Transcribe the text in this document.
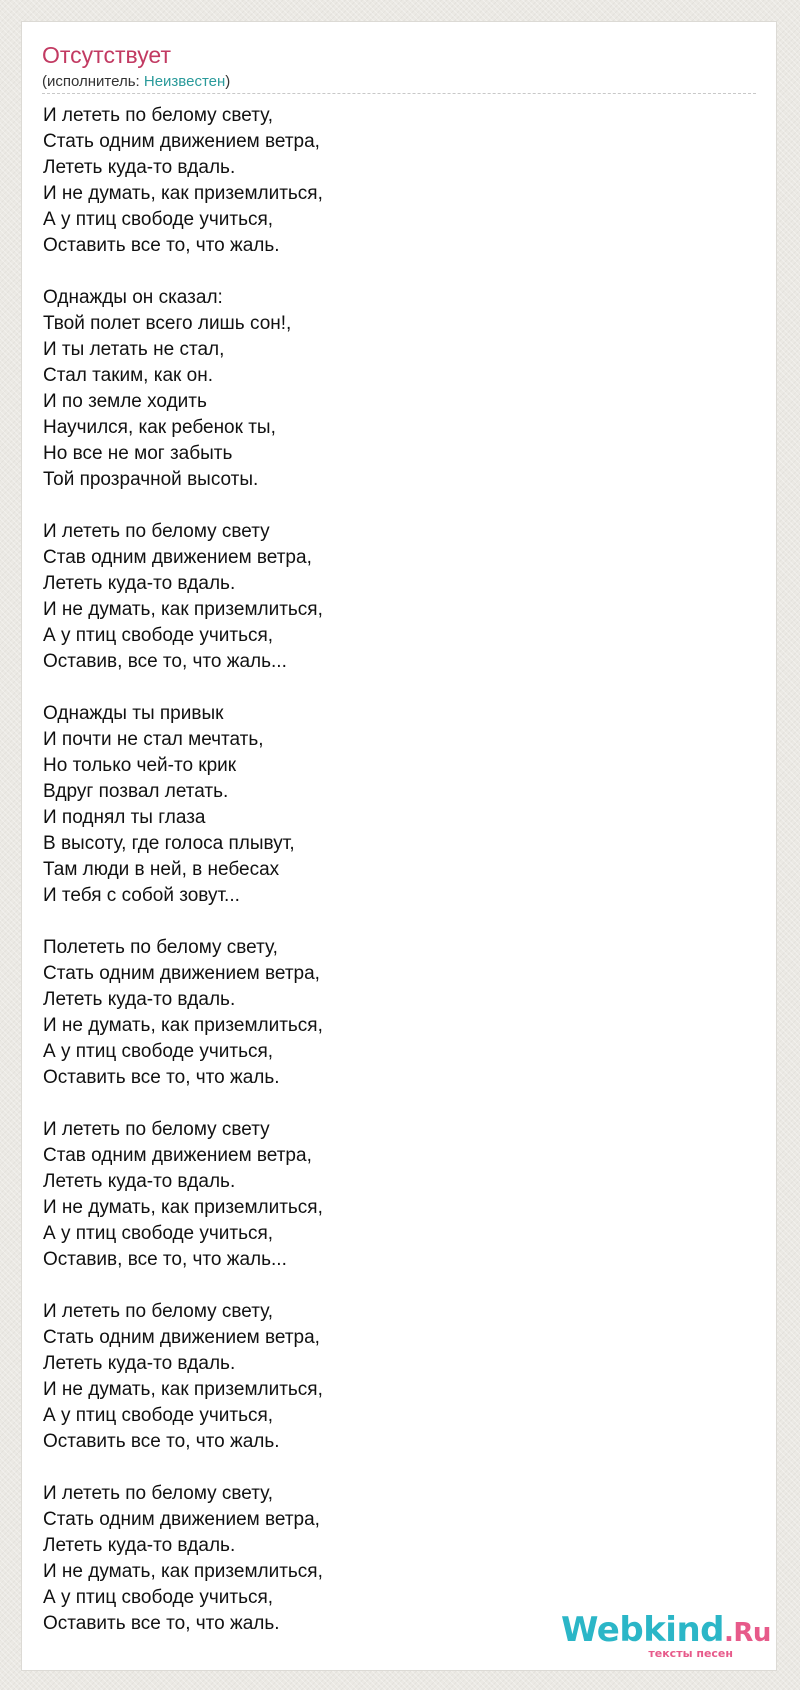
Отсутствует
(исполнитель: Неизвестен)
И лететь по белому свету,
Стать одним движением ветра,
Лететь куда-то вдаль.
И не думать, как приземлиться,
А у птиц свободе учиться,
Оставить все то, что жаль.
Однажды он сказал:
Твой полет всего лишь сон!,
И ты летать не стал,
Стал таким, как он.
И по земле ходить
Научился, как ребенок ты,
Но все не мог забыть
Той прозрачной высоты.
И лететь по белому свету
Став одним движением ветра,
Лететь куда-то вдаль.
И не думать, как приземлиться,
А у птиц свободе учиться,
Оставив, все то, что жаль...
Однажды ты привык
И почти не стал мечтать,
Но только чей-то крик
Вдруг позвал летать.
И поднял ты глаза
В высоту, где голоса плывут,
Там люди в ней, в небесах
И тебя с собой зовут...
Полететь по белому свету,
Стать одним движением ветра,
Лететь куда-то вдаль.
И не думать, как приземлиться,
А у птиц свободе учиться,
Оставить все то, что жаль.
И лететь по белому свету
Став одним движением ветра,
Лететь куда-то вдаль.
И не думать, как приземлиться,
А у птиц свободе учиться,
Оставив, все то, что жаль...
И лететь по белому свету,
Стать одним движением ветра,
Лететь куда-то вдаль.
И не думать, как приземлиться,
А у птиц свободе учиться,
Оставить все то, что жаль.
И лететь по белому свету,
Стать одним движением ветра,
Лететь куда-то вдаль.
И не думать, как приземлиться,
А у птиц свободе учиться,
Оставить все то, что жаль.	Webkind.Ru
тексты песен
